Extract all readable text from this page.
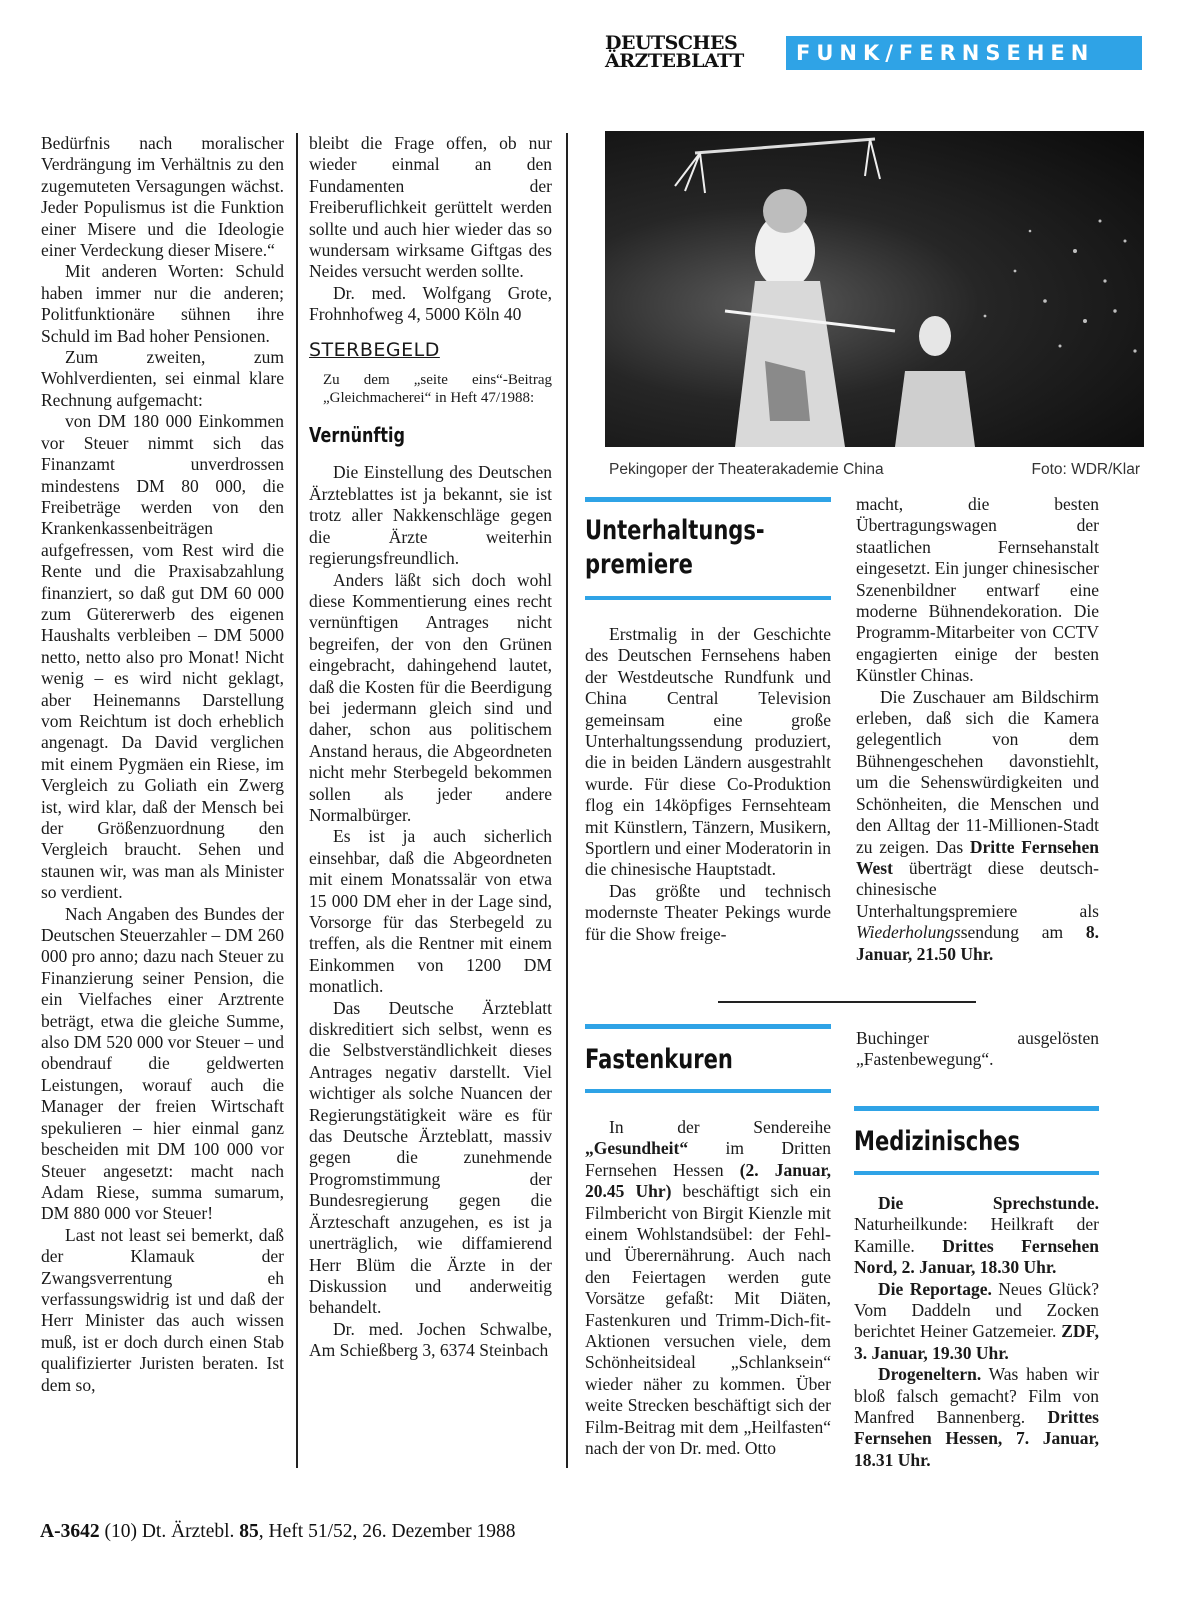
DEUTSCHES
ÄRZTEBLATT	FUNK/FERNSEHEN

Bedürfnis nach moralischer Verdrängung im Verhältnis zu den zugemuteten Versagungen wächst. Jeder Populismus ist die Funktion einer Misere und die Ideologie einer Verdeckung dieser Misere.“

Mit anderen Worten: Schuld haben immer nur die anderen; Politfunktionäre sühnen ihre Schuld im Bad hoher Pensionen.

Zum zweiten, zum Wohlverdienten, sei einmal klare Rechnung aufgemacht:

von DM 180 000 Einkommen vor Steuer nimmt sich das Finanzamt unverdrossen mindestens DM 80 000, die Freibeträge werden von den Krankenkassenbeiträgen aufgefressen, vom Rest wird die Rente und die Praxisabzahlung finanziert, so daß gut DM 60 000 zum Gütererwerb des eigenen Haushalts verbleiben – DM 5000 netto, netto also pro Monat! Nicht wenig – es wird nicht geklagt, aber Heinemanns Darstellung vom Reichtum ist doch erheblich angenagt. Da David verglichen mit einem Pygmäen ein Riese, im Vergleich zu Goliath ein Zwerg ist, wird klar, daß der Mensch bei der Größenzuordnung den Vergleich braucht. Sehen und staunen wir, was man als Minister so verdient.

Nach Angaben des Bundes der Deutschen Steuerzahler – DM 260 000 pro anno; dazu nach Steuer zu Finanzierung seiner Pension, die ein Vielfaches einer Arztrente beträgt, etwa die gleiche Summe, also DM 520 000 vor Steuer – und obendrauf die geldwerten Leistungen, worauf auch die Manager der freien Wirtschaft spekulieren – hier einmal ganz bescheiden mit DM 100 000 vor Steuer angesetzt: macht nach Adam Riese, summa sumarum, DM 880 000 vor Steuer!

Last not least sei bemerkt, daß der Klamauk der Zwangsverrentung eh verfassungswidrig ist und daß der Herr Minister das auch wissen muß, ist er doch durch einen Stab qualifizierter Juristen beraten. Ist dem so,

bleibt die Frage offen, ob nur wieder einmal an den Fundamenten der Freiberuflichkeit gerüttelt werden sollte und auch hier wieder das so wundersam wirksame Giftgas des Neides versucht werden sollte.

Dr. med. Wolfgang Grote, Frohnhofweg 4, 5000 Köln 40

STERBEGELD
Zu dem „seite eins“-Beitrag „Gleichmacherei“ in Heft 47/1988:
Vernünftig

Die Einstellung des Deutschen Ärzteblattes ist ja bekannt, sie ist trotz aller Nakkenschläge gegen die Ärzte weiterhin regierungsfreundlich.

Anders läßt sich doch wohl diese Kommentierung eines recht vernünftigen Antrages nicht begreifen, der von den Grünen eingebracht, dahingehend lautet, daß die Kosten für die Beerdigung bei jedermann gleich sind und daher, schon aus politischem Anstand heraus, die Abgeordneten nicht mehr Sterbegeld bekommen sollen als jeder andere Normalbürger.

Es ist ja auch sicherlich einsehbar, daß die Abgeordneten mit einem Monatssalär von etwa 15 000 DM eher in der Lage sind, Vorsorge für das Sterbegeld zu treffen, als die Rentner mit einem Einkommen von 1200 DM monatlich.

Das Deutsche Ärzteblatt diskreditiert sich selbst, wenn es die Selbstverständlichkeit dieses Antrages negativ darstellt. Viel wichtiger als solche Nuancen der Regierungstätigkeit wäre es für das Deutsche Ärzteblatt, massiv gegen die zunehmende Progromstimmung der Bundesregierung gegen die Ärzteschaft anzugehen, es ist ja unerträglich, wie diffamierend Herr Blüm die Ärzte in der Diskussion und anderweitig behandelt.

Dr. med. Jochen Schwalbe, Am Schießberg 3, 6374 Steinbach

Pekingoper der Theaterakademie China	Foto: WDR/Klar
Unterhaltungs-
premiere

Erstmalig in der Geschichte des Deutschen Fernsehens haben der Westdeutsche Rundfunk und China Central Television gemeinsam eine große Unterhaltungssendung produziert, die in beiden Ländern ausgestrahlt wurde. Für diese Co-Produktion flog ein 14köpfiges Fernsehteam mit Künstlern, Tänzern, Musikern, Sportlern und einer Moderatorin in die chinesische Hauptstadt.

Das größte und technisch modernste Theater Pekings wurde für die Show freige-

macht, die besten Übertragungswagen der staatlichen Fernsehanstalt eingesetzt. Ein junger chinesischer Szenenbildner entwarf eine moderne Bühnendekoration. Die Programm-Mitarbeiter von CCTV engagierten einige der besten Künstler Chinas.

Die Zuschauer am Bildschirm erleben, daß sich die Kamera gelegentlich von dem Bühnengeschehen davonstiehlt, um die Sehenswürdigkeiten und Schönheiten, die Menschen und den Alltag der 11-Millionen-Stadt zu zeigen. Das Dritte Fernsehen West überträgt diese deutsch-chinesische Unterhaltungspremiere als Wiederholungssendung am 8. Januar, 21.50 Uhr.

Fastenkuren

In der Sendereihe „Gesundheit“ im Dritten Fernsehen Hessen (2. Januar, 20.45 Uhr) beschäftigt sich ein Filmbericht von Birgit Kienzle mit einem Wohlstandsübel: der Fehl- und Überernährung. Auch nach den Feiertagen werden gute Vorsätze gefaßt: Mit Diäten, Fastenkuren und Trimm-Dich-fit-Aktionen versuchen viele, dem Schönheitsideal „Schlanksein“ wieder näher zu kommen. Über weite Strecken beschäftigt sich der Film-Beitrag mit dem „Heilfasten“ nach der von Dr. med. Otto

Buchinger ausgelösten „Fastenbewegung“.

Medizinisches

Die Sprechstunde. Naturheilkunde: Heilkraft der Kamille. Drittes Fernsehen Nord, 2. Januar, 18.30 Uhr.

Die Reportage. Neues Glück? Vom Daddeln und Zocken berichtet Heiner Gatzemeier. ZDF, 3. Januar, 19.30 Uhr.

Drogeneltern. Was haben wir bloß falsch gemacht? Film von Manfred Bannenberg. Drittes Fernsehen Hessen, 7. Januar, 18.31 Uhr.

A-3642 (10) Dt. Ärztebl. 85, Heft 51/52, 26. Dezember 1988
